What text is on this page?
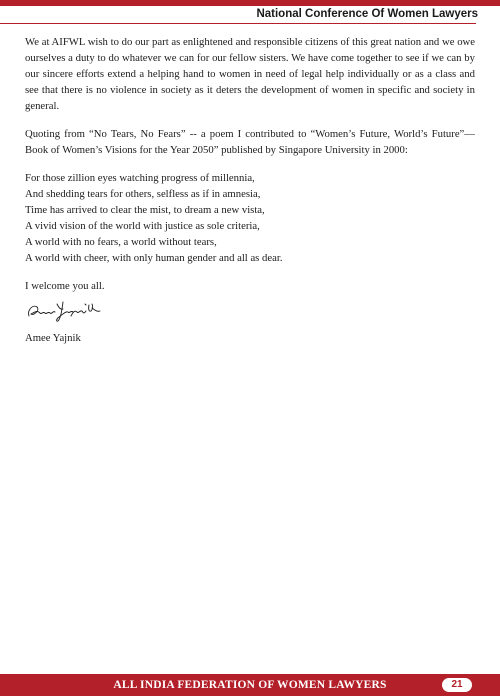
National Conference Of Women Lawyers

We at AIFWL wish to do our part as enlightened and responsible citizens of this great nation and we owe ourselves a duty to do whatever we can for our fellow sisters. We have come together to see if we can by our sincere efforts extend a helping hand to women in need of legal help individually or as a class and see that there is no violence in society as it deters the development of women in specific and society in general.

Quoting from “No Tears, No Fears” -- a poem I contributed to “Women’s Future, World’s Future”—Book of Women’s Visions for the Year 2050” published by Singapore University in 2000:

For those zillion eyes watching progress of millennia,

And shedding tears for others, selfless as if in amnesia,

Time has arrived to clear the mist, to dream a new vista,

A vivid vision of the world with justice as sole criteria,

A world with no fears, a world without tears,

A world with cheer, with only human gender and all as dear.

I welcome you all.

Amee Yajnik

ALL INDIA FEDERATION OF WOMEN LAWYERS	21
